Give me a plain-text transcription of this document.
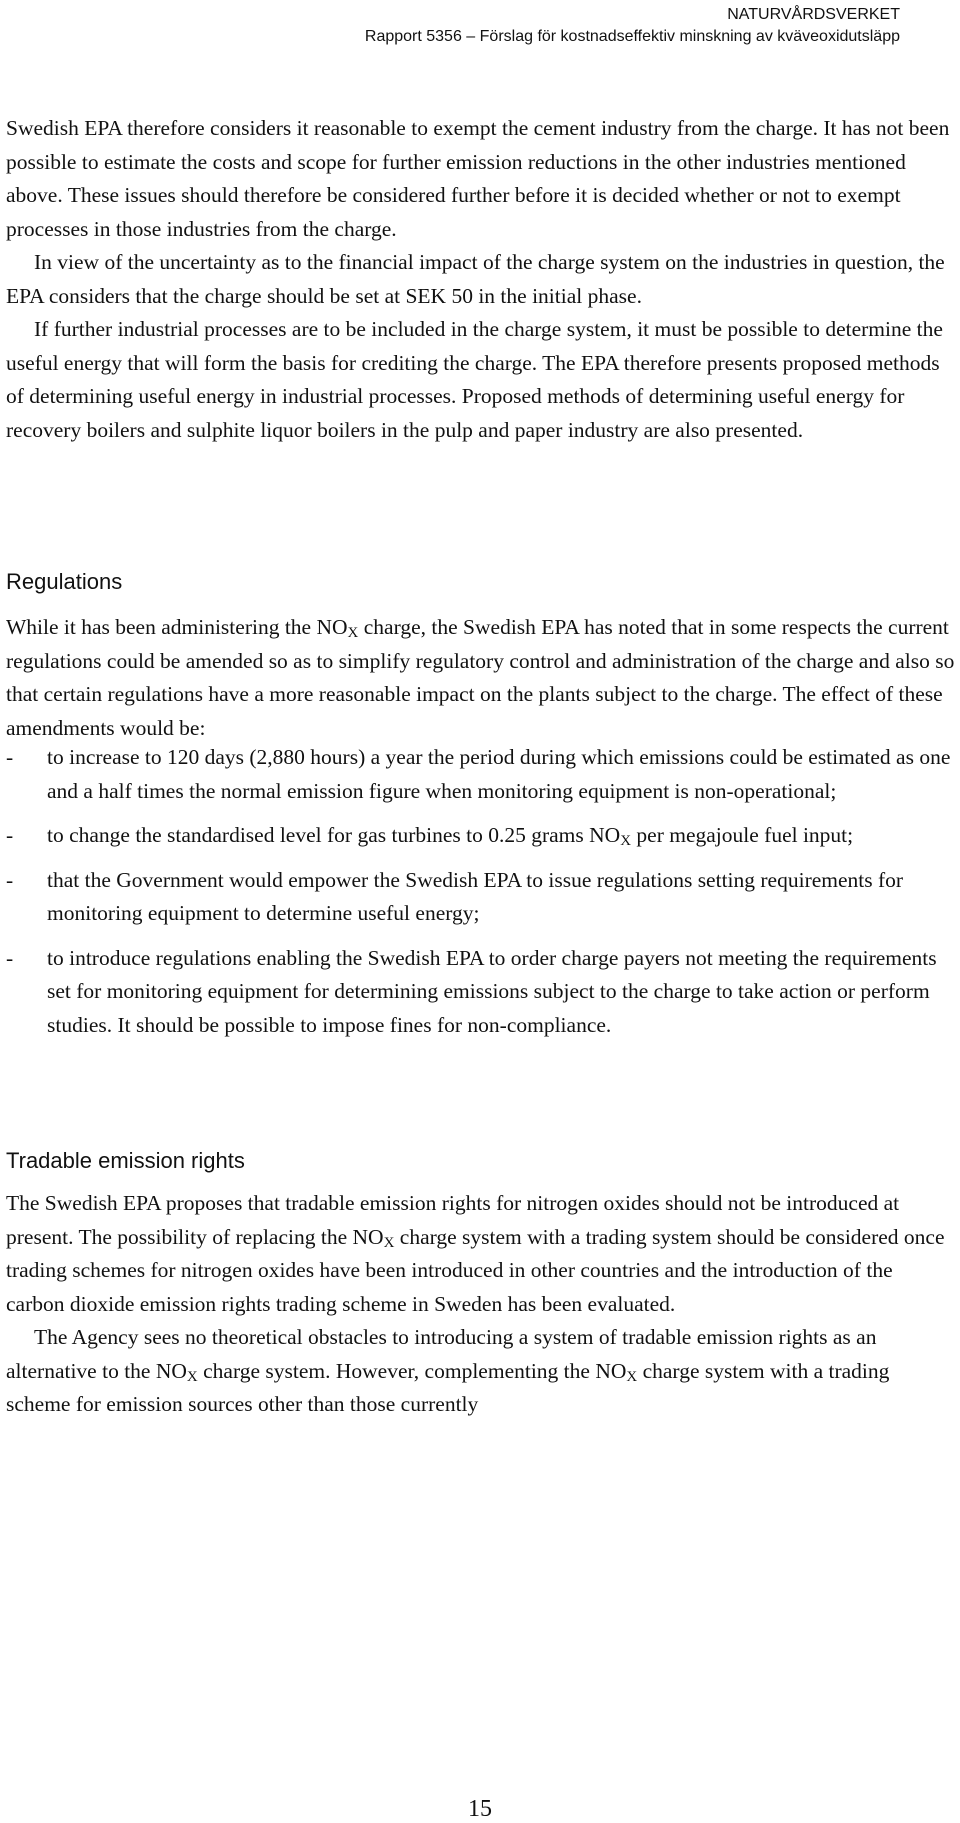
NATURVÅRDSVERKET
Rapport 5356 – Förslag för kostnadseffektiv minskning av kväveoxidutsläpp

Swedish EPA therefore considers it reasonable to exempt the cement industry from the charge. It has not been possible to estimate the costs and scope for further emission reductions in the other industries mentioned above. These issues should therefore be considered further before it is decided whether or not to exempt processes in those industries from the charge.

In view of the uncertainty as to the financial impact of the charge system on the industries in question, the EPA considers that the charge should be set at SEK 50 in the initial phase.

If further industrial processes are to be included in the charge system, it must be possible to determine the useful energy that will form the basis for crediting the charge. The EPA therefore presents proposed methods of determining useful energy in industrial processes. Proposed methods of determining useful energy for recovery boilers and sulphite liquor boilers in the pulp and paper industry are also presented.

Regulations

While it has been administering the $NO_X$ charge, the Swedish EPA has noted that in some respects the current regulations could be amended so as to simplify regulatory control and administration of the charge and also so that certain regulations have a more reasonable impact on the plants subject to the charge. The effect of these amendments would be:

- to increase to 120 days (2,880 hours) a year the period during which emissions could be estimated as one and a half times the normal emission figure when monitoring equipment is non-operational;
- to change the standardised level for gas turbines to 0.25 grams $NO_X$ per megajoule fuel input;
- that the Government would empower the Swedish EPA to issue regulations setting requirements for monitoring equipment to determine useful energy;
- to introduce regulations enabling the Swedish EPA to order charge payers not meeting the requirements set for monitoring equipment for determining emissions subject to the charge to take action or perform studies. It should be possible to impose fines for non-compliance.
Tradable emission rights

The Swedish EPA proposes that tradable emission rights for nitrogen oxides should not be introduced at present. The possibility of replacing the $NO_X$ charge system with a trading system should be considered once trading schemes for nitrogen oxides have been introduced in other countries and the introduction of the carbon dioxide emission rights trading scheme in Sweden has been evaluated.

The Agency sees no theoretical obstacles to introducing a system of tradable emission rights as an alternative to the $NO_X$ charge system. However, complementing the $NO_X$ charge system with a trading scheme for emission sources other than those currently

15
